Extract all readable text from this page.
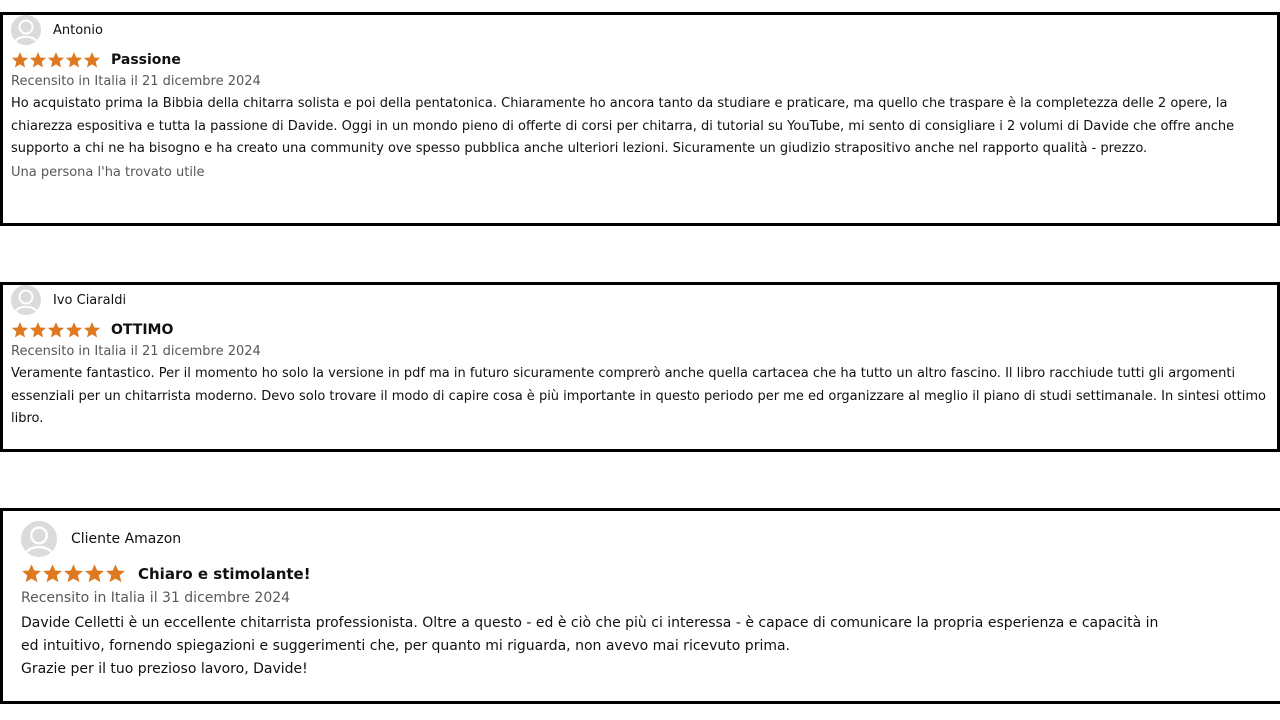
Antonio
Passione
Recensito in Italia il 21 dicembre 2024
Ho acquistato prima la Bibbia della chitarra solista e poi della pentatonica. Chiaramente ho ancora tanto da studiare e praticare, ma quello che traspare è la completezza delle 2 opere, la chiarezza espositiva e tutta la passione di Davide. Oggi in un mondo pieno di offerte di corsi per chitarra, di tutorial su YouTube, mi sento di consigliare i 2 volumi di Davide che offre anche supporto a chi ne ha bisogno e ha creato una community ove spesso pubblica anche ulteriori lezioni. Sicuramente un giudizio strapositivo anche nel rapporto qualità - prezzo.
Una persona l'ha trovato utile
Ivo Ciaraldi
OTTIMO
Recensito in Italia il 21 dicembre 2024
Veramente fantastico. Per il momento ho solo la versione in pdf ma in futuro sicuramente comprerò anche quella cartacea che ha tutto un altro fascino. Il libro racchiude tutti gli argomenti essenziali per un chitarrista moderno. Devo solo trovare il modo di capire cosa è più importante in questo periodo per me ed organizzare al meglio il piano di studi settimanale. In sintesi ottimo libro.
Cliente Amazon
Chiaro e stimolante!
Recensito in Italia il 31 dicembre 2024
Davide Celletti è un eccellente chitarrista professionista. Oltre a questo - ed è ciò che più ci interessa - è capace di comunicare la propria esperienza e capacità in
ed intuitivo, fornendo spiegazioni e suggerimenti che, per quanto mi riguarda, non avevo mai ricevuto prima.
Grazie per il tuo prezioso lavoro, Davide!
